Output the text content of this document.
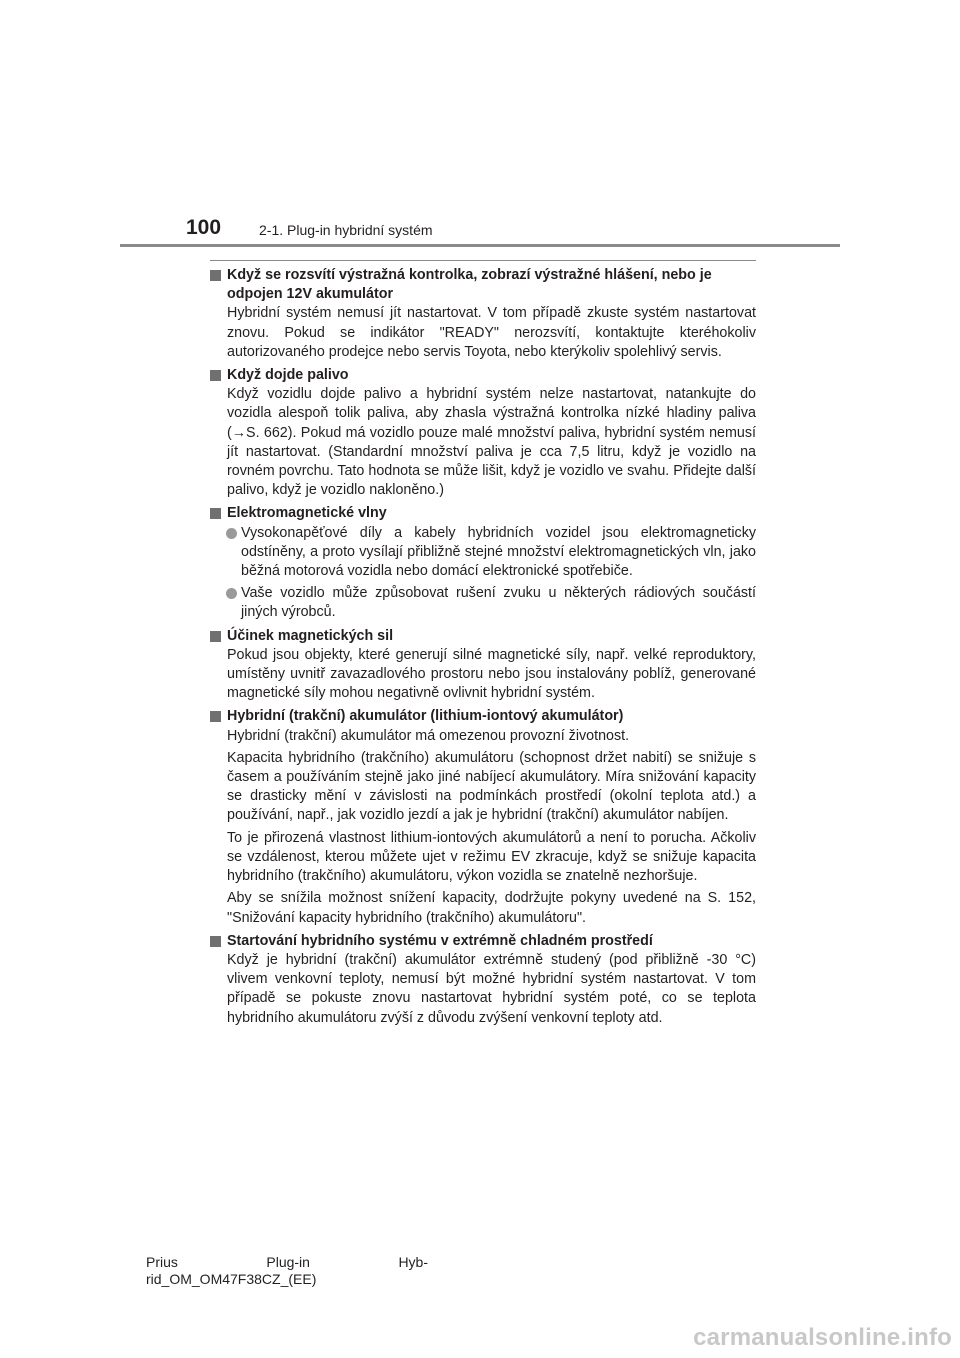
100	2-1. Plug-in hybridní systém
Když se rozsvítí výstražná kontrolka, zobrazí výstražné hlášení, nebo je odpojen 12V akumulátor
Hybridní systém nemusí jít nastartovat. V tom případě zkuste systém nastartovat znovu. Pokud se indikátor "READY" nerozsvítí, kontaktujte kteréhokoliv autorizovaného prodejce nebo servis Toyota, nebo kterýkoliv spolehlivý servis.
Když dojde palivo
Když vozidlu dojde palivo a hybridní systém nelze nastartovat, natankujte do vozidla alespoň tolik paliva, aby zhasla výstražná kontrolka nízké hladiny paliva (→S. 662). Pokud má vozidlo pouze malé množství paliva, hybridní systém nemusí jít nastartovat. (Standardní množství paliva je cca 7,5 litru, když je vozidlo na rovném povrchu. Tato hodnota se může lišit, když je vozidlo ve svahu. Přidejte další palivo, když je vozidlo nakloněno.)
Elektromagnetické vlny
Vysokonapěťové díly a kabely hybridních vozidel jsou elektromagneticky odstíněny, a proto vysílají přibližně stejné množství elektromagnetických vln, jako běžná motorová vozidla nebo domácí elektronické spotřebiče.
Vaše vozidlo může způsobovat rušení zvuku u některých rádiových součástí jiných výrobců.
Účinek magnetických sil
Pokud jsou objekty, které generují silné magnetické síly, např. velké reproduktory, umístěny uvnitř zavazadlového prostoru nebo jsou instalovány poblíž, generované magnetické síly mohou negativně ovlivnit hybridní systém.
Hybridní (trakční) akumulátor (lithium-iontový akumulátor)
Hybridní (trakční) akumulátor má omezenou provozní životnost.
Kapacita hybridního (trakčního) akumulátoru (schopnost držet nabití) se snižuje s časem a používáním stejně jako jiné nabíjecí akumulátory. Míra snižování kapacity se drasticky mění v závislosti na podmínkách prostředí (okolní teplota atd.) a používání, např., jak vozidlo jezdí a jak je hybridní (trakční) akumulátor nabíjen.
To je přirozená vlastnost lithium-iontových akumulátorů a není to porucha. Ačkoliv se vzdálenost, kterou můžete ujet v režimu EV zkracuje, když se snižuje kapacita hybridního (trakčního) akumulátoru, výkon vozidla se znatelně nezhoršuje.
Aby se snížila možnost snížení kapacity, dodržujte pokyny uvedené na S. 152, "Snižování kapacity hybridního (trakčního) akumulátoru".
Startování hybridního systému v extrémně chladném prostředí
Když je hybridní (trakční) akumulátor extrémně studený (pod přibližně -30 °C) vlivem venkovní teploty, nemusí být možné hybridní systém nastartovat. V tom případě se pokuste znovu nastartovat hybridní systém poté, co se teplota hybridního akumulátoru zvýší z důvodu zvýšení venkovní teploty atd.
Prius	Plug-in	Hyb-
rid_OM_OM47F38CZ_(EE)
carmanualsonline.info
